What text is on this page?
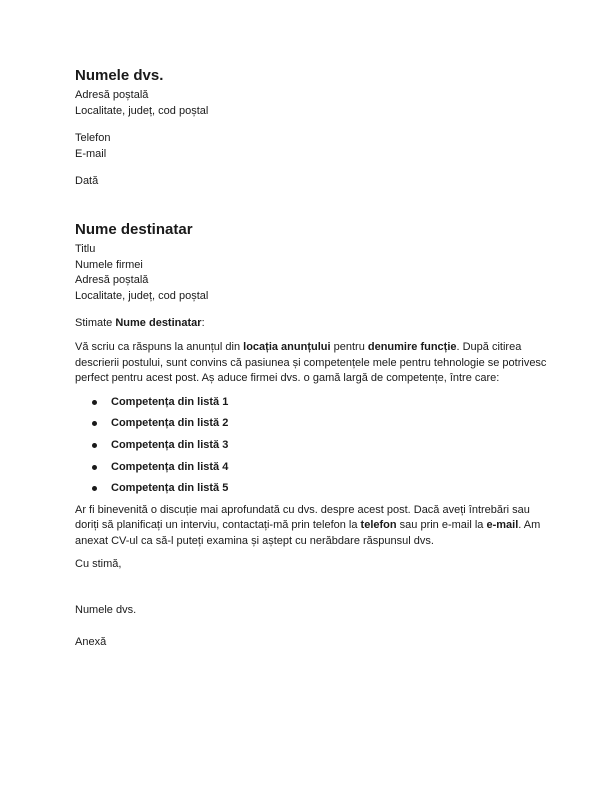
Numele dvs.
Adresă poștală
Localitate, județ, cod poștal
Telefon
E-mail
Dată
Nume destinatar
Titlu
Numele firmei
Adresă poștală
Localitate, județ, cod poștal
Stimate Nume destinatar:
Vă scriu ca răspuns la anunțul din locația anunțului pentru denumire funcție. După citirea descrierii postului, sunt convins că pasiunea și competențele mele pentru tehnologie se potrivesc perfect pentru acest post. Aș aduce firmei dvs. o gamă largă de competențe, între care:
Competența din listă 1
Competența din listă 2
Competența din listă 3
Competența din listă 4
Competența din listă 5
Ar fi binevenită o discuție mai aprofundată cu dvs. despre acest post. Dacă aveți întrebări sau doriți să planificați un interviu, contactați-mă prin telefon la telefon sau prin e-mail la e-mail. Am anexat CV-ul ca să-l puteți examina și aștept cu nerăbdare răspunsul dvs.
Cu stimă,
Numele dvs.
Anexă
